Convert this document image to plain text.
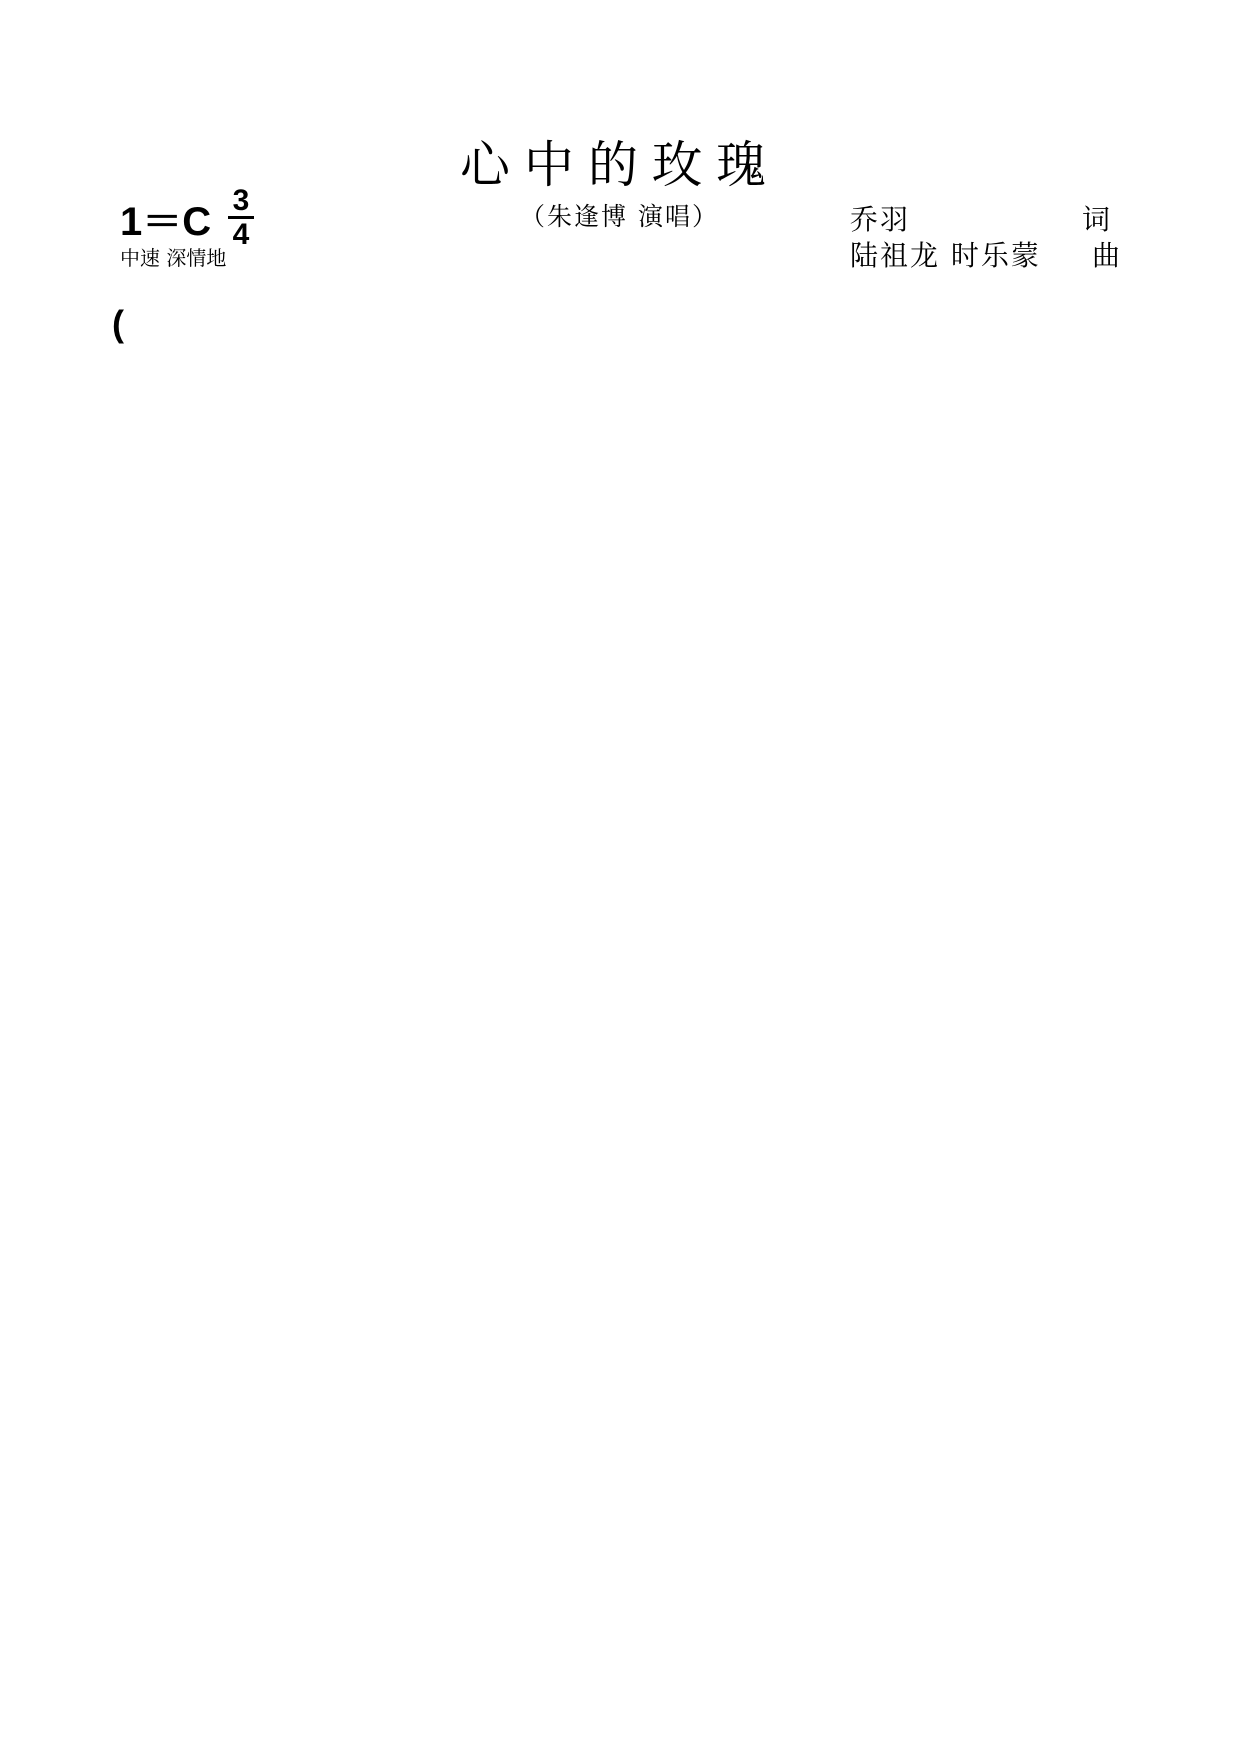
心中的玫瑰
（朱逢博 演唱）	乔羽	词
陆祖龙 时乐蒙 曲
1＝C 3
4
中速 深情地
(
